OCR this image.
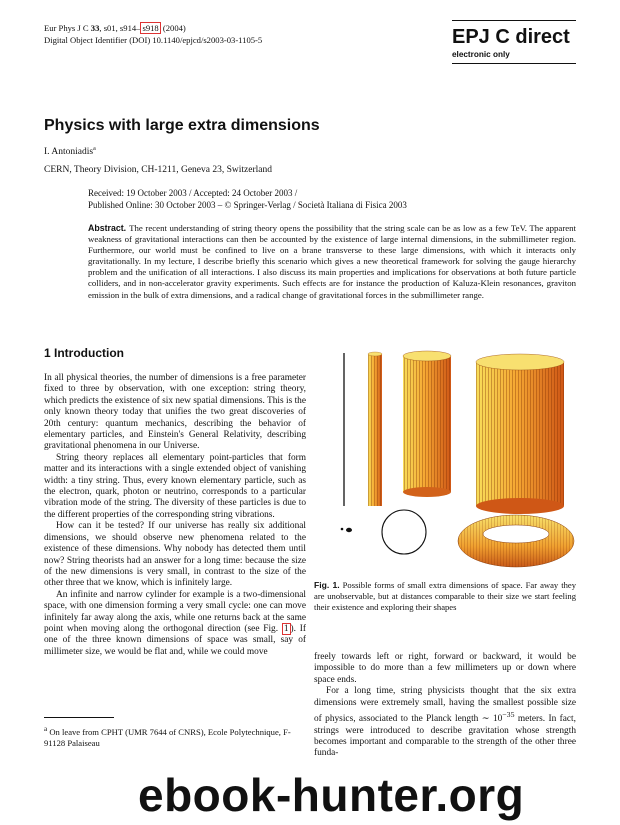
Eur Phys J C 33, s01, s914– s918 (2004)
Digital Object Identifier (DOI) 10.1140/epjcd/s2003-03-1105-5	EPJ C direct
electronic only
Physics with large extra dimensions
I. Antoniadis$^a$
CERN, Theory Division, CH-1211, Geneva 23, Switzerland
Received: 19 October 2003 / Accepted: 24 October 2003 /
Published Online: 30 October 2003 – © Springer-Verlag / Società Italiana di Fisica 2003
Abstract. The recent understanding of string theory opens the possibility that the string scale can be as low as a few TeV. The apparent weakness of gravitational interactions can then be accounted by the existence of large internal dimensions, in the submillimeter region. Furthermore, our world must be confined to live on a brane transverse to these large dimensions, with which it interacts only gravitationally. In my lecture, I describe briefly this scenario which gives a new theoretical framework for solving the gauge hierarchy problem and the unification of all interactions. I also discuss its main properties and implications for observations at both future particle colliders, and in non-accelerator gravity experiments. Such effects are for instance the production of Kaluza-Klein resonances, graviton emission in the bulk of extra dimensions, and a radical change of gravitational forces in the submillimeter range.
1 Introduction

In all physical theories, the number of dimensions is a free parameter fixed to three by observation, with one exception: string theory, which predicts the existence of six new spatial dimensions. This is the only known theory today that unifies the two great discoveries of 20th century: quantum mechanics, describing the behavior of elementary particles, and Einstein's General Relativity, describing gravitational phenomena in our Universe.

String theory replaces all elementary point-particles that form matter and its interactions with a single extended object of vanishing width: a tiny string. Thus, every known elementary particle, such as the electron, quark, photon or neutrino, corresponds to a particular vibration mode of the string. The diversity of these particles is due to the different properties of the corresponding string vibrations.

How can it be tested? If our universe has really six additional dimensions, we should observe new phenomena related to the existence of these dimensions. Why nobody has detected them until now? String theorists had an answer for a long time: because the size of the new dimensions is very small, in contrast to the size of the other three that we know, which is infinitely large.

An infinite and narrow cylinder for example is a two-dimensional space, with one dimension forming a very small cycle: one can move infinitely far away along the axis, while one returns back at the same point when moving along the orthogonal direction (see Fig. 1 ). If one of the three known dimensions of space was small, say of millimeter size, we would be flat and, while we could move

$^a$ On leave from CPHT (UMR 7644 of CNRS), Ecole Polytechnique, F-91128 Palaiseau
Fig. 1. Possible forms of small extra dimensions of space. Far away they are unobservable, but at distances comparable to their size we start feeling their existence and exploring their shapes

freely towards left or right, forward or backward, it would be impossible to do more than a few millimeters up or down where space ends.

For a long time, string physicists thought that the six extra dimensions were extremely small, having the smallest possible size of physics, associated to the Planck length ∼ $10^{-35}$ meters. In fact, strings were introduced to describe gravitation whose strength becomes important and comparable to the strength of the other three funda-

ebook-hunter.org
